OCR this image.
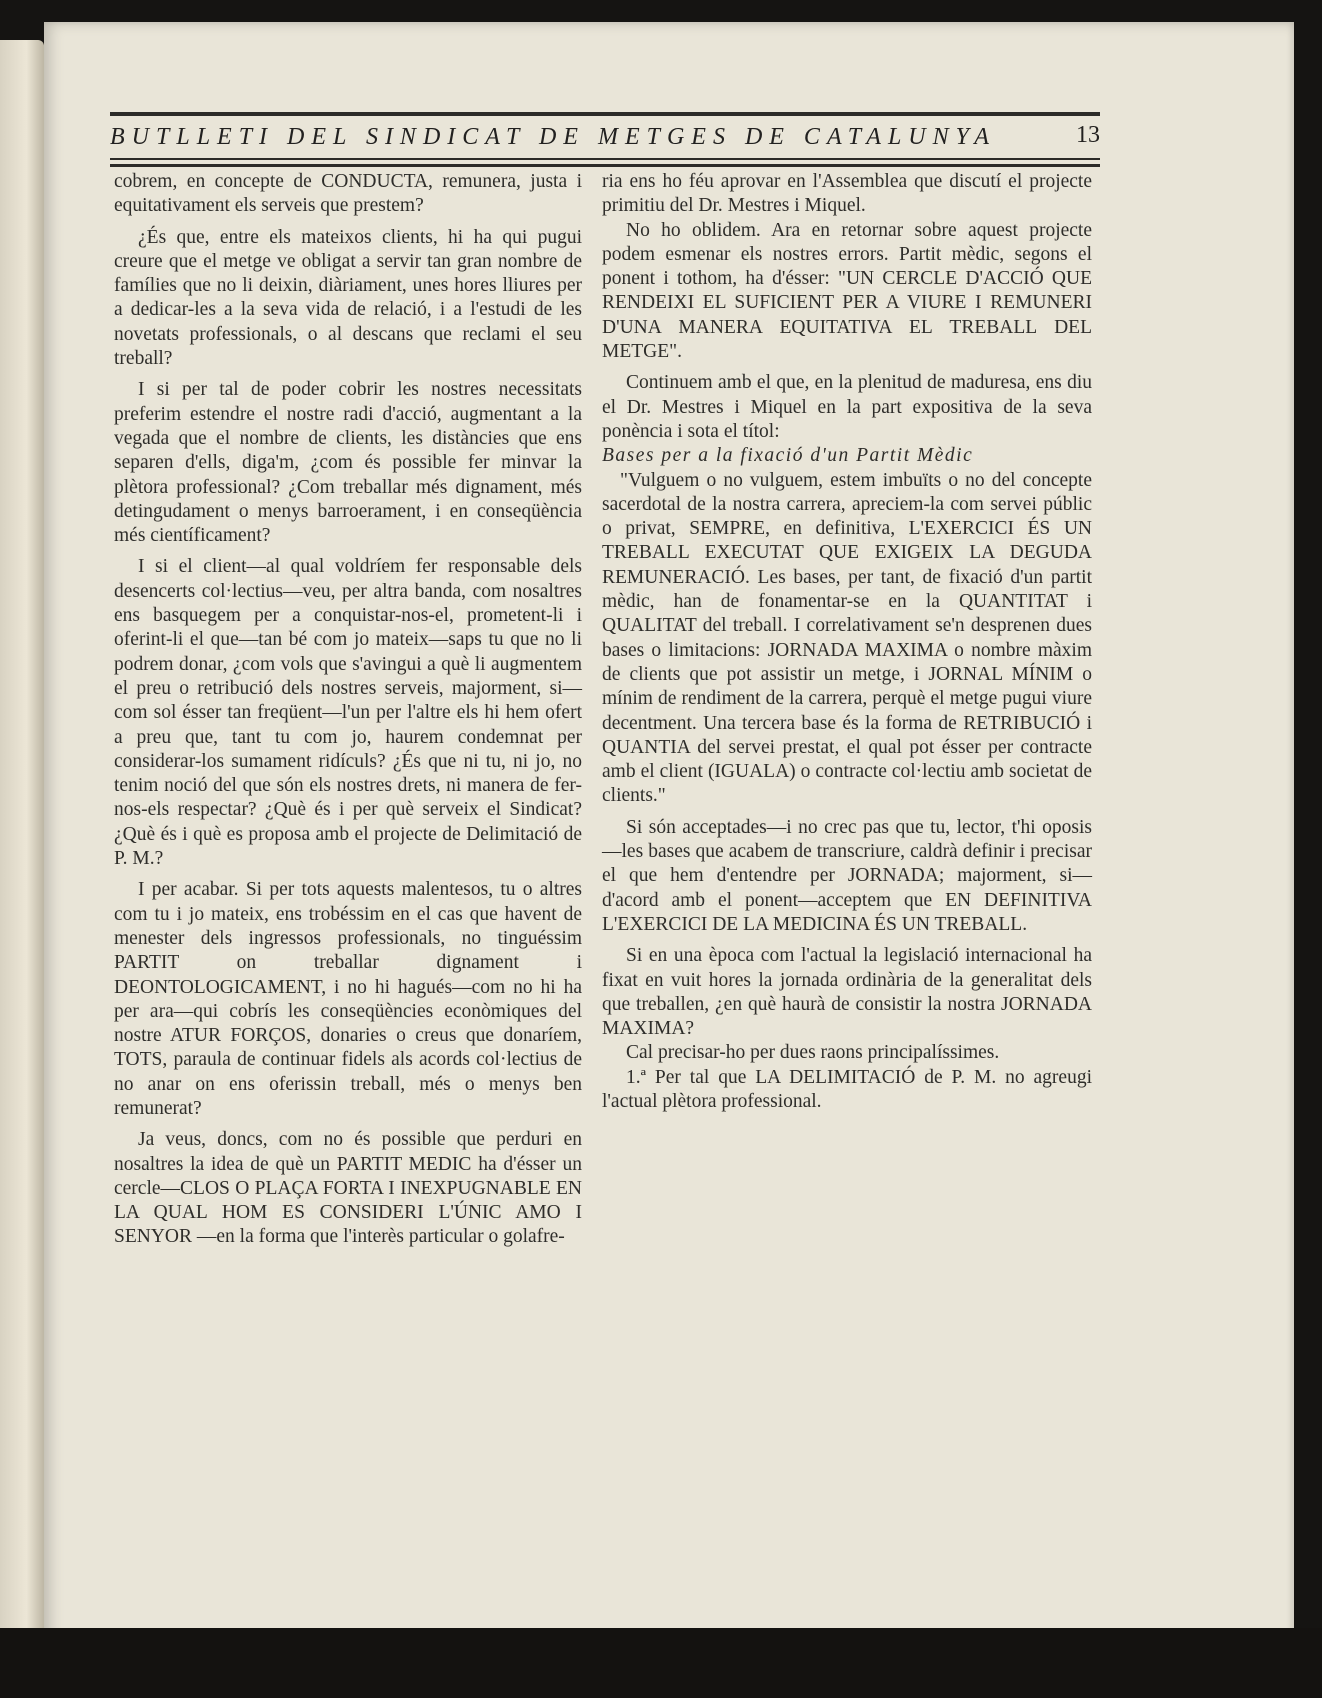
BUTLLETI DEL SINDICAT DE METGES DE CATALUNYA	13

cobrem, en concepte de CONDUCTA, remunera, justa i equitativament els serveis que prestem?

¿És que, entre els mateixos clients, hi ha qui pugui creure que el metge ve obligat a servir tan gran nombre de famílies que no li deixin, diàriament, unes hores lliures per a dedicar-les a la seva vida de relació, i a l'estudi de les novetats professionals, o al descans que reclami el seu treball?

I si per tal de poder cobrir les nostres necessitats preferim estendre el nostre radi d'acció, augmentant a la vegada que el nombre de clients, les distàncies que ens separen d'ells, diga'm, ¿com és possible fer minvar la plètora professional? ¿Com treballar més dignament, més detingudament o menys barroerament, i en conseqüència més científicament?

I si el client—al qual voldríem fer responsable dels desencerts col·lectius—veu, per altra banda, com nosaltres ens basquegem per a conquistar-nos-el, prometent-li i oferint-li el que—tan bé com jo mateix—saps tu que no li podrem donar, ¿com vols que s'avingui a què li augmentem el preu o retribució dels nostres serveis, majorment, si—com sol ésser tan freqüent—l'un per l'altre els hi hem ofert a preu que, tant tu com jo, haurem condemnat per considerar-los sumament ridículs? ¿És que ni tu, ni jo, no tenim noció del que són els nostres drets, ni manera de fer-nos-els respectar? ¿Què és i per què serveix el Sindicat? ¿Què és i què es proposa amb el projecte de Delimitació de P. M.?

I per acabar. Si per tots aquests malentesos, tu o altres com tu i jo mateix, ens trobéssim en el cas que havent de menester dels ingressos professionals, no tinguéssim PARTIT on treballar dignament i DEONTOLOGICAMENT, i no hi hagués—com no hi ha per ara—qui cobrís les conseqüències econòmiques del nostre ATUR FORÇOS, donaries o creus que donaríem, TOTS, paraula de continuar fidels als acords col·lectius de no anar on ens oferissin treball, més o menys ben remunerat?

Ja veus, doncs, com no és possible que perduri en nosaltres la idea de què un PARTIT MEDIC ha d'ésser un cercle—CLOS O PLAÇA FORTA I INEXPUGNABLE EN LA QUAL HOM ES CONSIDERI L'ÚNIC AMO I SENYOR —en la forma que l'interès particular o golafre-

ria ens ho féu aprovar en l'Assemblea que discutí el projecte primitiu del Dr. Mestres i Miquel.

No ho oblidem. Ara en retornar sobre aquest projecte podem esmenar els nostres errors. Partit mèdic, segons el ponent i tothom, ha d'ésser: "UN CERCLE D'ACCIÓ QUE RENDEIXI EL SUFICIENT PER A VIURE I REMUNERI D'UNA MANERA EQUITATIVA EL TREBALL DEL METGE".

Continuem amb el que, en la plenitud de maduresa, ens diu el Dr. Mestres i Miquel en la part expositiva de la seva ponència i sota el títol:

Bases per a la fixació d'un Partit Mèdic

"Vulguem o no vulguem, estem imbuïts o no del concepte sacerdotal de la nostra carrera, apreciem-la com servei públic o privat, SEMPRE, en definitiva, L'EXERCICI ÉS UN TREBALL EXECUTAT QUE EXIGEIX LA DEGUDA REMUNERACIÓ. Les bases, per tant, de fixació d'un partit mèdic, han de fonamentar-se en la QUANTITAT i QUALITAT del treball. I correlativament se'n desprenen dues bases o limitacions: JORNADA MAXIMA o nombre màxim de clients que pot assistir un metge, i JORNAL MÍNIM o mínim de rendiment de la carrera, perquè el metge pugui viure decentment. Una tercera base és la forma de RETRIBUCIÓ i QUANTIA del servei prestat, el qual pot ésser per contracte amb el client (IGUALA) o contracte col·lectiu amb societat de clients."

Si són acceptades—i no crec pas que tu, lector, t'hi oposis—les bases que acabem de transcriure, caldrà definir i precisar el que hem d'entendre per JORNADA; majorment, si—d'acord amb el ponent—acceptem que EN DEFINITIVA L'EXERCICI DE LA MEDICINA ÉS UN TREBALL.

Si en una època com l'actual la legislació internacional ha fixat en vuit hores la jornada ordinària de la generalitat dels que treballen, ¿en què haurà de consistir la nostra JORNADA MAXIMA?

Cal precisar-ho per dues raons principalíssimes.

1.ª Per tal que LA DELIMITACIÓ de P. M. no agreugi l'actual plètora professional.
